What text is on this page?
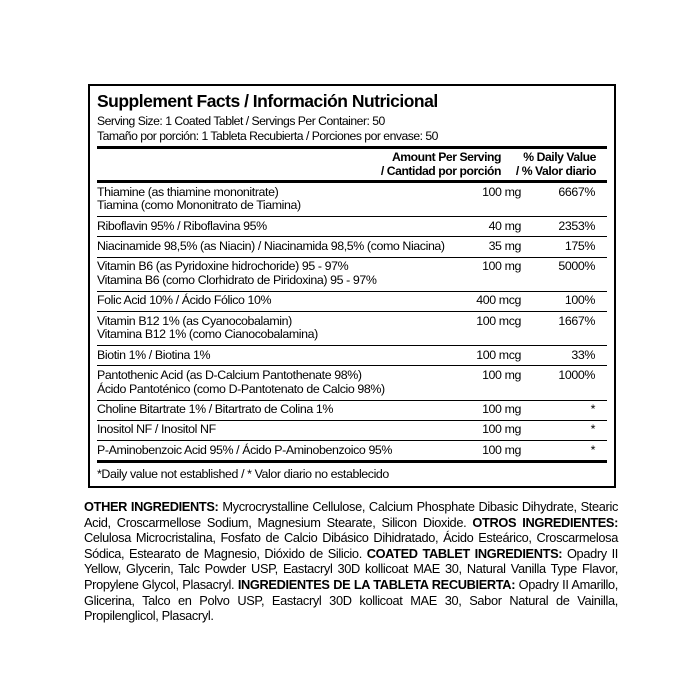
Supplement Facts / Información Nutricional
Serving Size: 1 Coated Tablet / Servings Per Container: 50
Tamaño por porción: 1 Tableta Recubierta / Porciones por envase: 50
Amount Per Serving
/ Cantidad por porción
% Daily Value
/ % Valor diario
Thiamine (as thiamine mononitrate)
Tiamina (como Mononitrato de Tiamina)
100 mg	6667%
Riboflavin 95% / Riboflavina 95%	40 mg	2353%
Niacinamide 98,5% (as Niacin) / Niacinamida 98,5% (como Niacina)	35 mg	175%
Vitamin B6 (as Pyridoxine hidrochoride) 95 - 97%
Vitamina B6 (como Clorhidrato de Piridoxina) 95 - 97%
100 mg	5000%
Folic Acid 10% / Ácido Fólico 10%	400 mcg	100%
Vitamin B12 1% (as Cyanocobalamin)
Vitamina B12 1% (como Cianocobalamina)
100 mcg	1667%
Biotin 1% / Biotina 1%	100 mcg	33%
Pantothenic Acid (as D-Calcium Pantothenate 98%)
Ácido Pantoténico (como D-Pantotenato de Calcio 98%)
100 mg	1000%
Choline Bitartrate 1% / Bitartrato de Colina 1%	100 mg	*
Inositol NF / Inositol NF	100 mg	*
P-Aminobenzoic Acid 95% / Ácido P-Aminobenzoico 95%	100 mg	*
*Daily value not established / * Valor diario no establecido

OTHER INGREDIENTS: Mycrocrystalline Cellulose, Calcium Phosphate Dibasic Dihydrate, Stearic Acid, Croscarmellose Sodium, Magnesium Stearate, Silicon Dioxide. OTROS INGREDIENTES: Celulosa Microcristalina, Fosfato de Calcio Dibásico Dihidratado, Ácido Esteárico, Croscarmelosa Sódica, Estearato de Magnesio, Dióxido de Silicio. COATED TABLET INGREDIENTS: Opadry II Yellow, Glycerin, Talc Powder USP, Eastacryl 30D kollicoat MAE 30, Natural Vanilla Type Flavor, Propylene Glycol, Plasacryl. INGREDIENTES DE LA TABLETA RECUBIERTA: Opadry II Amarillo, Glicerina, Talco en Polvo USP, Eastacryl 30D kollicoat MAE 30, Sabor Natural de Vainilla, Propilenglicol, Plasacryl.
